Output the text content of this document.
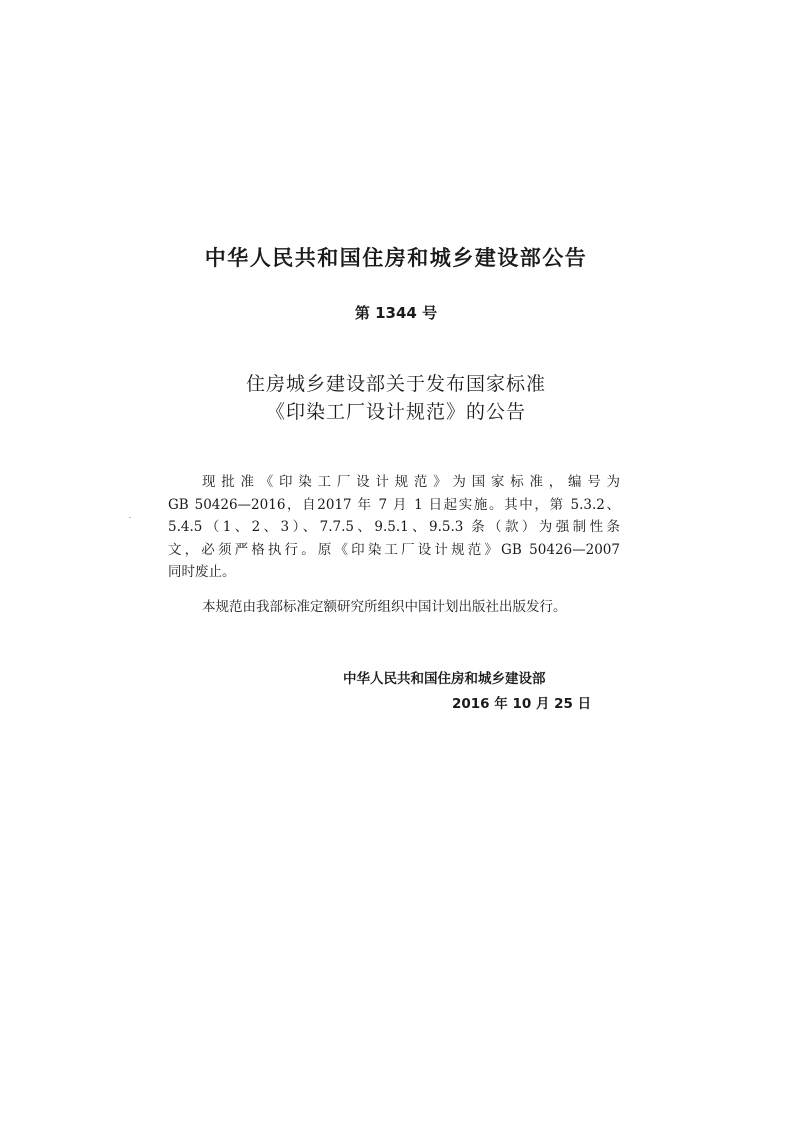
中华人民共和国住房和城乡建设部公告
第 1344 号
住房城乡建设部关于发布国家标准
《印染工厂设计规范》的公告
现批准《印染工厂设计规范》为国家标准，编号为
GB 50426—2016，自2017 年 7 月 1 日起实施。其中，第 5.3.2、
5.4.5（1、2、3）、7.7.5、9.5.1、9.5.3 条（款）为强制性条
文，必须严格执行。原《印染工厂设计规范》GB 50426—2007
同时废止。
本规范由我部标准定额研究所组织中国计划出版社出版发行。
中华人民共和国住房和城乡建设部
2016 年 10 月 25 日
